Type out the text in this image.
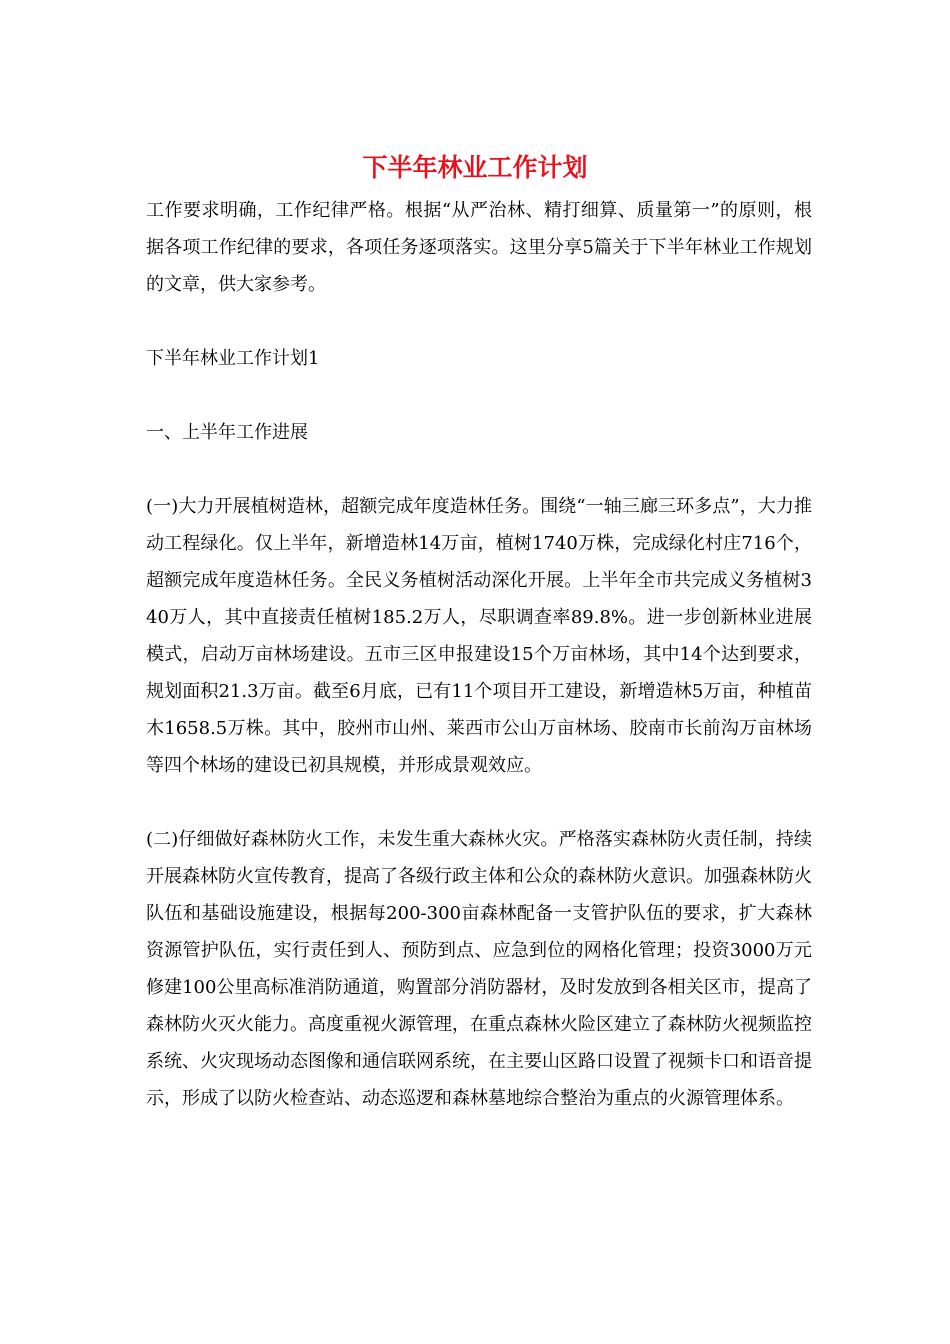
下半年林业工作计划

工作要求明确，工作纪律严格。根据“从严治林、精打细算、质量第一”的原则，根据各项工作纪律的要求，各项任务逐项落实。这里分享5篇关于下半年林业工作规划的文章，供大家参考。

下半年林业工作计划1

一、上半年工作进展

(一)大力开展植树造林，超额完成年度造林任务。围绕“一轴三廊三环多点”，大力推动工程绿化。仅上半年，新增造林14万亩，植树1740万株，完成绿化村庄716个，超额完成年度造林任务。全民义务植树活动深化开展。上半年全市共完成义务植树340万人，其中直接责任植树185.2万人，尽职调查率89.8%。进一步创新林业进展模式，启动万亩林场建设。五市三区申报建设15个万亩林场，其中14个达到要求，规划面积21.3万亩。截至6月底，已有11个项目开工建设，新增造林5万亩，种植苗木1658.5万株。其中，胶州市山州、莱西市公山万亩林场、胶南市长前沟万亩林场等四个林场的建设已初具规模，并形成景观效应。

(二)仔细做好森林防火工作，未发生重大森林火灾。严格落实森林防火责任制，持续开展森林防火宣传教育，提高了各级行政主体和公众的森林防火意识。加强森林防火队伍和基础设施建设，根据每200-300亩森林配备一支管护队伍的要求，扩大森林资源管护队伍，实行责任到人、预防到点、应急到位的网格化管理；投资3000万元修建100公里高标准消防通道，购置部分消防器材，及时发放到各相关区市，提高了森林防火灭火能力。高度重视火源管理，在重点森林火险区建立了森林防火视频监控系统、火灾现场动态图像和通信联网系统，在主要山区路口设置了视频卡口和语音提示，形成了以防火检查站、动态巡逻和森林墓地综合整治为重点的火源管理体系。
